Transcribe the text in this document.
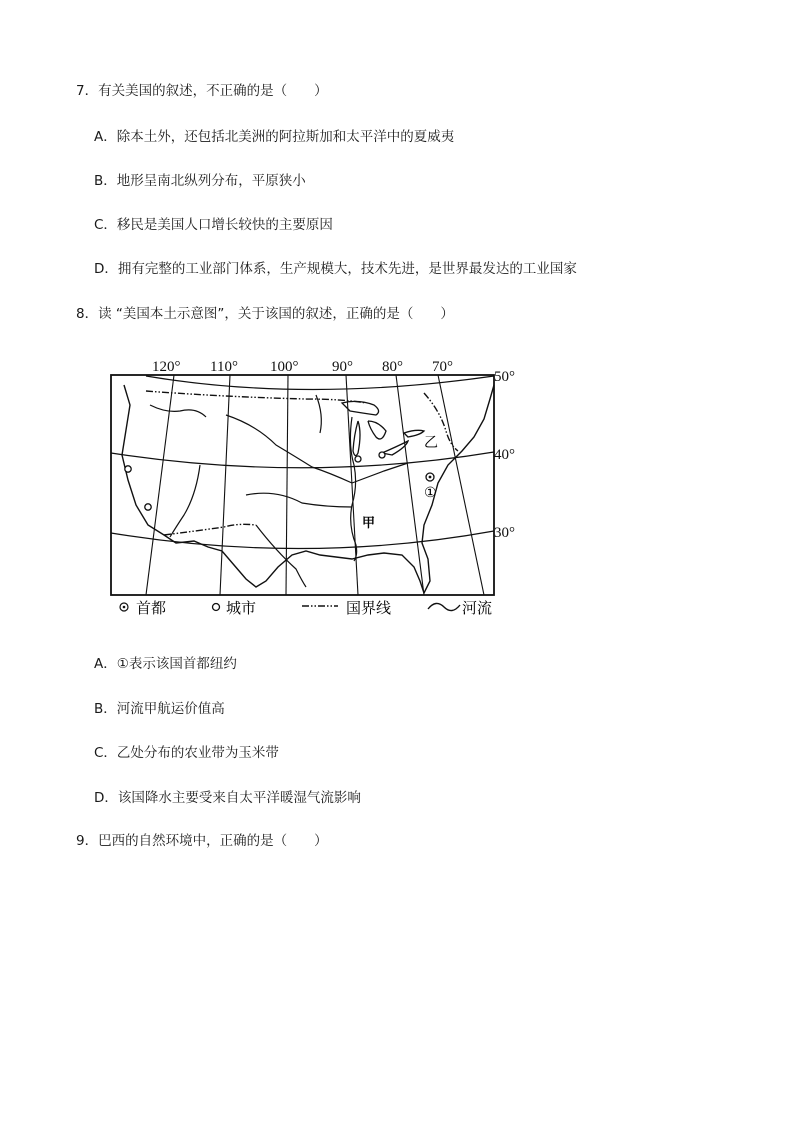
7．有关美国的叙述，不正确的是（　　）
A．除本土外，还包括北美洲的阿拉斯加和太平洋中的夏威夷
B．地形呈南北纵列分布，平原狭小
C．移民是美国人口增长较快的主要原因
D．拥有完整的工业部门体系，生产规模大，技术先进，是世界最发达的工业国家
8．读 “美国本土示意图”，关于该国的叙述，正确的是（　　）
乙
甲
①
120° 110° 100° 90° 80° 70°
50°
40°
30°
首都	城市	国界线	河流
A．①表示该国首都纽约
B．河流甲航运价值高
C．乙处分布的农业带为玉米带
D．该国降水主要受来自太平洋暖湿气流影响
9．巴西的自然环境中，正确的是（　　）
